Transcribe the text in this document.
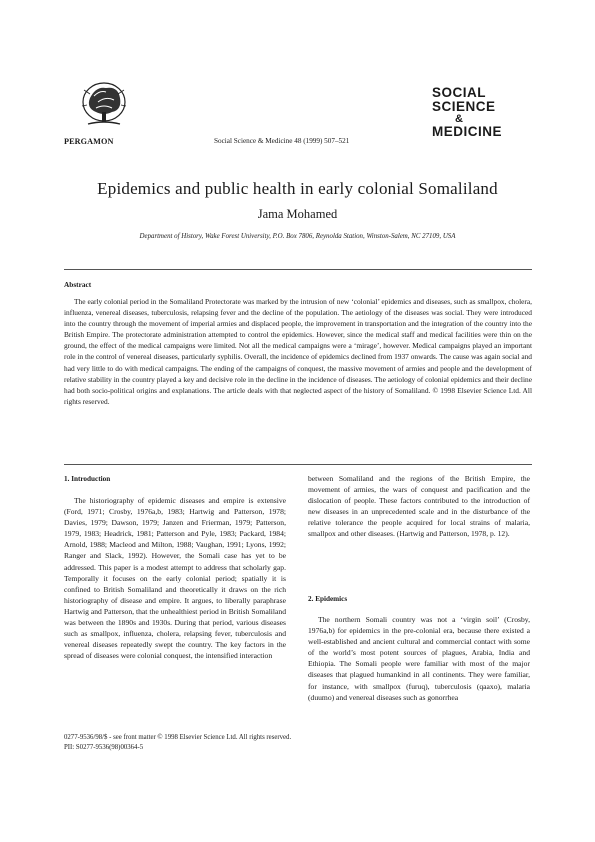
PERGAMON	Social Science & Medicine 48 (1999) 507–521
SOCIAL
SCIENCE
&
MEDICINE
Epidemics and public health in early colonial Somaliland
Jama Mohamed
Department of History, Wake Forest University, P.O. Box 7806, Reynolda Station, Winston-Salem, NC 27109, USA
Abstract

The early colonial period in the Somaliland Protectorate was marked by the intrusion of new ‘colonial’ epidemics and diseases, such as smallpox, cholera, influenza, venereal diseases, tuberculosis, relapsing fever and the decline of the population. The aetiology of the diseases was social. They were introduced into the country through the movement of imperial armies and displaced people, the improvement in transportation and the integration of the country into the British Empire. The protectorate administration attempted to control the epidemics. However, since the medical staff and medical facilities were thin on the ground, the effect of the medical campaigns were limited. Not all the medical campaigns were a ‘mirage’, however. Medical campaigns played an important role in the control of venereal diseases, particularly syphilis. Overall, the incidence of epidemics declined from 1937 onwards. The cause was again social and had very little to do with medical campaigns. The ending of the campaigns of conquest, the massive movement of armies and people and the development of relative stability in the country played a key and decisive role in the decline in the incidence of diseases. The aetiology of colonial epidemics and their decline had both socio-political origins and explanations. The article deals with that neglected aspect of the history of Somaliland. © 1998 Elsevier Science Ltd. All rights reserved.

1. Introduction

The historiography of epidemic diseases and empire is extensive (Ford, 1971; Crosby, 1976a,b, 1983; Hartwig and Patterson, 1978; Davies, 1979; Dawson, 1979; Janzen and Frierman, 1979; Patterson, 1979, 1983; Headrick, 1981; Patterson and Pyle, 1983; Packard, 1984; Arnold, 1988; Macleod and Milton, 1988; Vaughan, 1991; Lyons, 1992; Ranger and Slack, 1992). However, the Somali case has yet to be addressed. This paper is a modest attempt to address that scholarly gap. Temporally it focuses on the early colonial period; spatially it is confined to British Somaliland and theoretically it draws on the rich historiography of disease and empire. It argues, to liberally paraphrase Hartwig and Patterson, that the unhealthiest period in British Somaliland was between the 1890s and 1930s. During that period, various diseases such as smallpox, influenza, cholera, relapsing fever, tuberculosis and venereal diseases repeatedly swept the country. The key factors in the spread of diseases were colonial conquest, the intensified interaction

between Somaliland and the regions of the British Empire, the movement of armies, the wars of conquest and pacification and the dislocation of people. These factors contributed to the introduction of new diseases in an unprecedented scale and in the disturbance of the relative tolerance the people acquired for local strains of malaria, smallpox and other diseases. (Hartwig and Patterson, 1978, p. 12).

2. Epidemics

The northern Somali country was not a ‘virgin soil’ (Crosby, 1976a,b) for epidemics in the pre-colonial era, because there existed a well-established and ancient cultural and commercial contact with some of the world’s most potent sources of plagues, Arabia, India and Ethiopia. The Somali people were familiar with most of the major diseases that plagued humankind in all continents. They were familiar, for instance, with smallpox (furuq), tuberculosis (qaaxo), malaria (duumo) and venereal diseases such as gonorrhea

0277-9536/98/$ - see front matter © 1998 Elsevier Science Ltd. All rights reserved.
PII: S0277-9536(98)00364-5
